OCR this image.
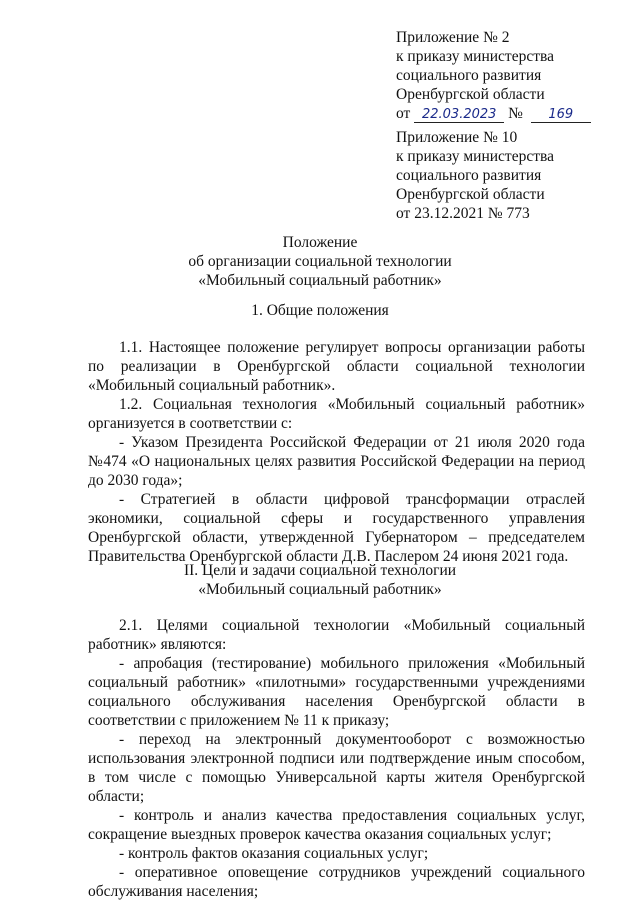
Приложение № 2
к приказу министерства
социального развития
Оренбургской области
от 22.03.2023 № 169
Приложение № 10
к приказу министерства
социального развития
Оренбургской области
от 23.12.2021 № 773
Положение
об организации социальной технологии
«Мобильный социальный работник»
1. Общие положения
1.1. Настоящее положение регулирует вопросы организации работы по реализации в Оренбургской области социальной технологии «Мобильный социальный работник».
1.2. Социальная технология «Мобильный социальный работник» организуется в соответствии с:
- Указом Президента Российской Федерации от 21 июля 2020 года №474 «О национальных целях развития Российской Федерации на период до 2030 года»;
- Стратегией в области цифровой трансформации отраслей экономики, социальной сферы и государственного управления Оренбургской области, утвержденной Губернатором – председателем Правительства Оренбургской области Д.В. Паслером 24 июня 2021 года.
II. Цели и задачи социальной технологии
«Мобильный социальный работник»
2.1. Целями социальной технологии «Мобильный социальный работник» являются:
- апробация (тестирование) мобильного приложения «Мобильный социальный работник» «пилотными» государственными учреждениями социального обслуживания населения Оренбургской области в соответствии с приложением № 11 к приказу;
- переход на электронный документооборот с возможностью использования электронной подписи или подтверждение иным способом, в том числе с помощью Универсальной карты жителя Оренбургской области;
- контроль и анализ качества предоставления социальных услуг, сокращение выездных проверок качества оказания социальных услуг;
- контроль фактов оказания социальных услуг;
- оперативное оповещение сотрудников учреждений социального обслуживания населения;
